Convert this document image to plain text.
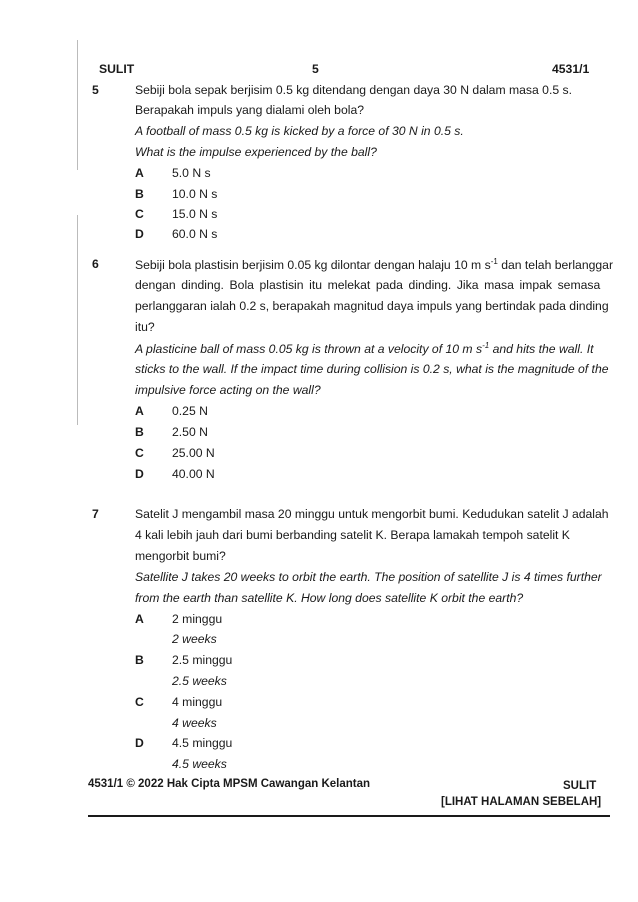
SULIT	5	4531/1
5	Sebiji bola sepak berjisim 0.5 kg ditendang dengan daya 30 N dalam masa 0.5 s.
Berapakah impuls yang dialami oleh bola?
A football of mass 0.5 kg is kicked by a force of 30 N in 0.5 s.
What is the impulse experienced by the ball?
A 5.0 N s
B 10.0 N s
C 15.0 N s
D 60.0 N s
6	Sebiji bola plastisin berjisim 0.05 kg dilontar dengan halaju 10 m $s^{-1}$ dan telah berlanggar
dengan dinding. Bola plastisin itu melekat pada dinding. Jika masa impak semasa
perlanggaran ialah 0.2 s, berapakah magnitud daya impuls yang bertindak pada dinding
itu?
A plasticine ball of mass 0.05 kg is thrown at a velocity of 10 m $s^{-1}$ and hits the wall. It
sticks to the wall. If the impact time during collision is 0.2 s, what is the magnitude of the
impulsive force acting on the wall?
A 0.25 N
B 2.50 N
C 25.00 N
D 40.00 N
7	Satelit J mengambil masa 20 minggu untuk mengorbit bumi. Kedudukan satelit J adalah
4 kali lebih jauh dari bumi berbanding satelit K. Berapa lamakah tempoh satelit K
mengorbit bumi?
Satellite J takes 20 weeks to orbit the earth. The position of satellite J is 4 times further
from the earth than satellite K. How long does satellite K orbit the earth?
A 2 minggu
2 weeks
B 2.5 minggu
2.5 weeks
C 4 minggu
4 weeks
D 4.5 minggu
4.5 weeks
4531/1 © 2022 Hak Cipta MPSM Cawangan Kelantan	SULIT
[LIHAT HALAMAN SEBELAH]
